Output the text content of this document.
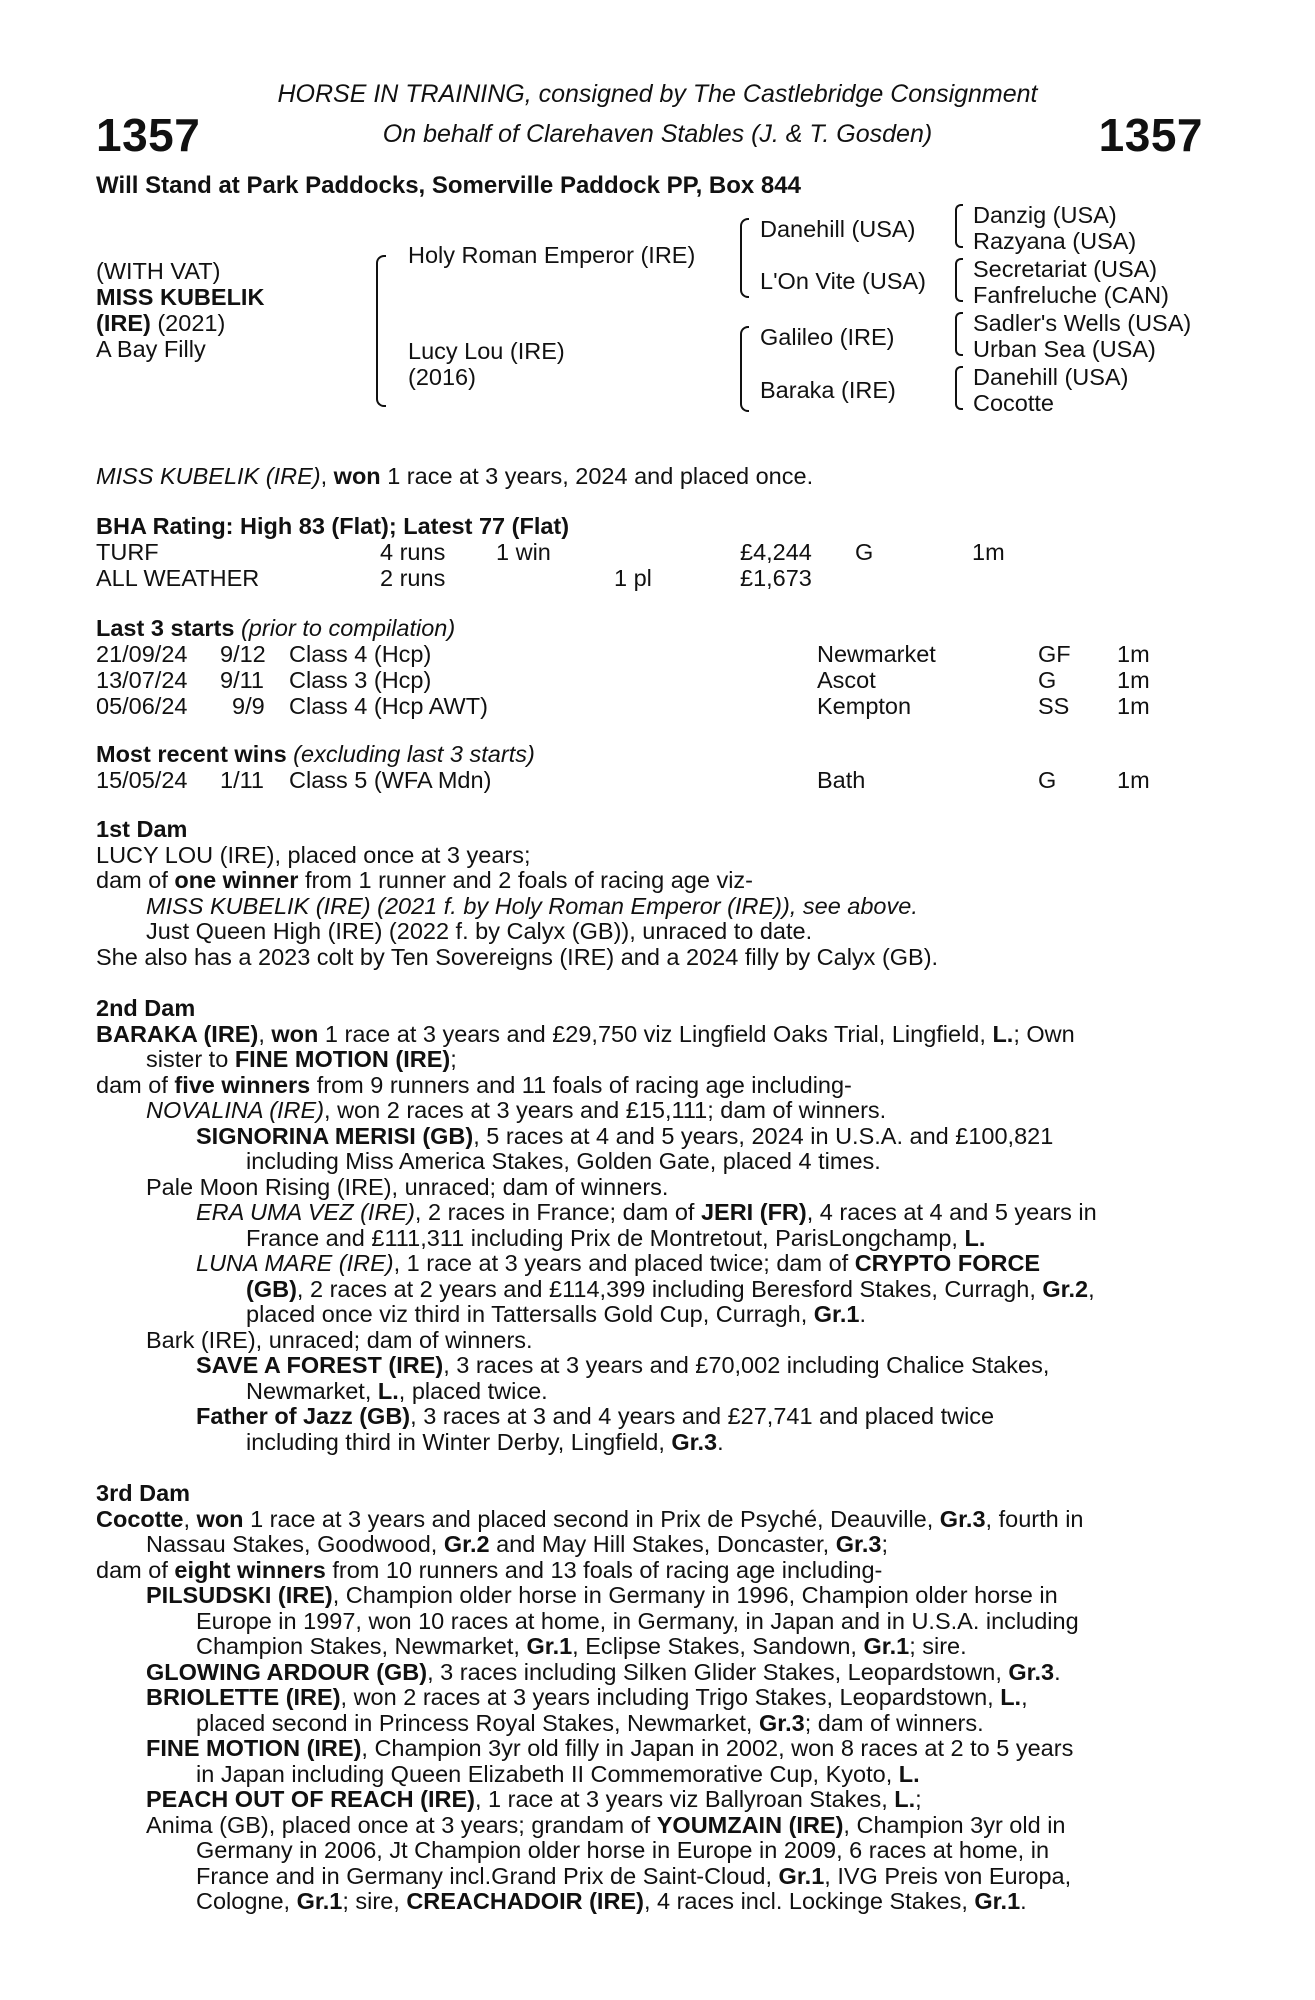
1357	1357
HORSE IN TRAINING, consigned by The Castlebridge Consignment
On behalf of Clarehaven Stables (J. & T. Gosden)
Will Stand at Park Paddocks, Somerville Paddock PP, Box 844
(WITH VAT)
MISS KUBELIK
(IRE) (2021)
A Bay Filly
Holy Roman Emperor (IRE)
Lucy Lou (IRE)
(2016)
Danehill (USA)
L'On Vite (USA)
Galileo (IRE)
Baraka (IRE)
Danzig (USA)
Razyana (USA)
Secretariat (USA)
Fanfreluche (CAN)
Sadler's Wells (USA)
Urban Sea (USA)
Danehill (USA)
Cocotte
MISS KUBELIK (IRE), won 1 race at 3 years, 2024 and placed once.
BHA Rating: High 83 (Flat); Latest 77 (Flat)
TURF	4 runs 1 win	£4,244 G	1m
ALL WEATHER	2 runs	1 pl	£1,673
Last 3 starts (prior to compilation)
21/09/24 9/12 Class 4 (Hcp)	Newmarket	GF 1m
13/07/24 9/11 Class 3 (Hcp)	Ascot	G	1m
05/06/24 9/9 Class 4 (Hcp AWT)	Kempton	SS 1m
Most recent wins (excluding last 3 starts)
15/05/24 1/11 Class 5 (WFA Mdn)	Bath	G	1m
1st Dam
LUCY LOU (IRE), placed once at 3 years;
dam of one winner from 1 runner and 2 foals of racing age viz-
MISS KUBELIK (IRE) (2021 f. by Holy Roman Emperor (IRE)), see above.
Just Queen High (IRE) (2022 f. by Calyx (GB)), unraced to date.
She also has a 2023 colt by Ten Sovereigns (IRE) and a 2024 filly by Calyx (GB).
2nd Dam
BARAKA (IRE), won 1 race at 3 years and £29,750 viz Lingfield Oaks Trial, Lingfield, L.; Own
sister to FINE MOTION (IRE);
dam of five winners from 9 runners and 11 foals of racing age including-
NOVALINA (IRE), won 2 races at 3 years and £15,111; dam of winners.
SIGNORINA MERISI (GB), 5 races at 4 and 5 years, 2024 in U.S.A. and £100,821
including Miss America Stakes, Golden Gate, placed 4 times.
Pale Moon Rising (IRE), unraced; dam of winners.
ERA UMA VEZ (IRE), 2 races in France; dam of JERI (FR), 4 races at 4 and 5 years in
France and £111,311 including Prix de Montretout, ParisLongchamp, L.
LUNA MARE (IRE), 1 race at 3 years and placed twice; dam of CRYPTO FORCE
(GB), 2 races at 2 years and £114,399 including Beresford Stakes, Curragh, Gr.2,
placed once viz third in Tattersalls Gold Cup, Curragh, Gr.1.
Bark (IRE), unraced; dam of winners.
SAVE A FOREST (IRE), 3 races at 3 years and £70,002 including Chalice Stakes,
Newmarket, L., placed twice.
Father of Jazz (GB), 3 races at 3 and 4 years and £27,741 and placed twice
including third in Winter Derby, Lingfield, Gr.3.
3rd Dam
Cocotte, won 1 race at 3 years and placed second in Prix de Psyché, Deauville, Gr.3, fourth in
Nassau Stakes, Goodwood, Gr.2 and May Hill Stakes, Doncaster, Gr.3;
dam of eight winners from 10 runners and 13 foals of racing age including-
PILSUDSKI (IRE), Champion older horse in Germany in 1996, Champion older horse in
Europe in 1997, won 10 races at home, in Germany, in Japan and in U.S.A. including
Champion Stakes, Newmarket, Gr.1, Eclipse Stakes, Sandown, Gr.1; sire.
GLOWING ARDOUR (GB), 3 races including Silken Glider Stakes, Leopardstown, Gr.3.
BRIOLETTE (IRE), won 2 races at 3 years including Trigo Stakes, Leopardstown, L.,
placed second in Princess Royal Stakes, Newmarket, Gr.3; dam of winners.
FINE MOTION (IRE), Champion 3yr old filly in Japan in 2002, won 8 races at 2 to 5 years
in Japan including Queen Elizabeth II Commemorative Cup, Kyoto, L.
PEACH OUT OF REACH (IRE), 1 race at 3 years viz Ballyroan Stakes, L.;
Anima (GB), placed once at 3 years; grandam of YOUMZAIN (IRE), Champion 3yr old in
Germany in 2006, Jt Champion older horse in Europe in 2009, 6 races at home, in
France and in Germany incl.Grand Prix de Saint-Cloud, Gr.1, IVG Preis von Europa,
Cologne, Gr.1; sire, CREACHADOIR (IRE), 4 races incl. Lockinge Stakes, Gr.1.
